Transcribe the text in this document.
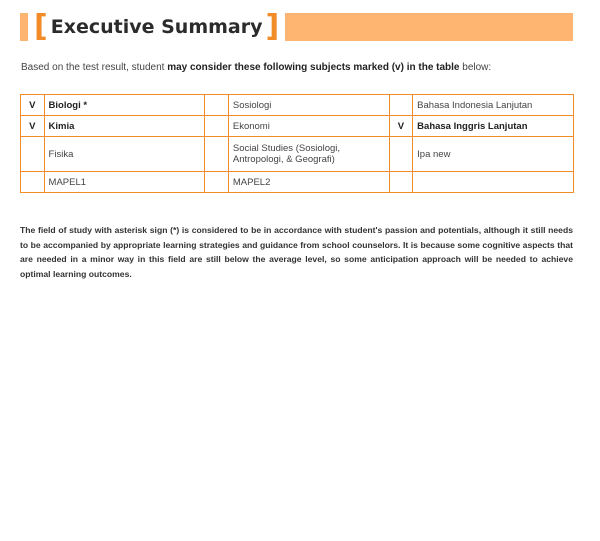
[ Executive Summary ]
Based on the test result, student may consider these following subjects marked (v) in the table below:
V	Biologi *		Sosiologi		Bahasa Indonesia Lanjutan
V	Kimia		Ekonomi	V	Bahasa Inggris Lanjutan
	Fisika		Social Studies (Sosiologi, Antropologi, & Geografi)		Ipa new
	MAPEL1		MAPEL2		
The field of study with asterisk sign (*) is considered to be in accordance with student's passion and potentials, although it still needs to be accompanied by appropriate learning strategies and guidance from school counselors. It is because some cognitive aspects that are needed in a minor way in this field are still below the average level, so some anticipation approach will be needed to achieve optimal learning outcomes.
